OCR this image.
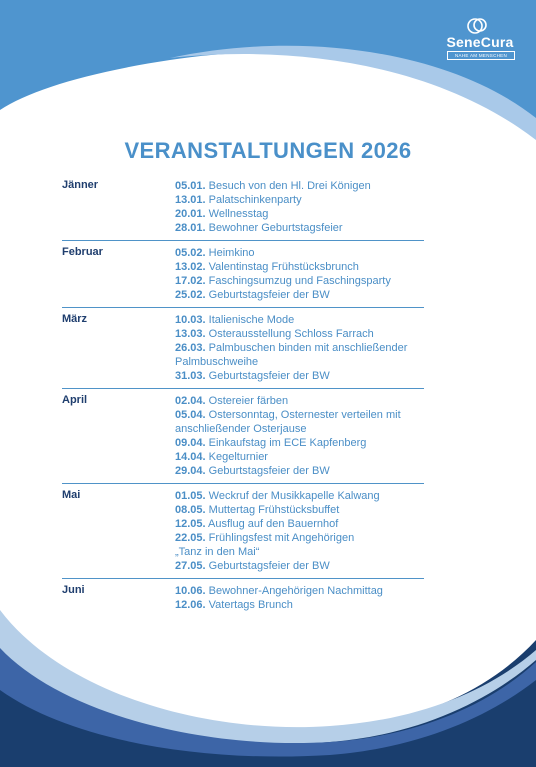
SeneCura
NAHE AM MENSCHEN
VERANSTALTUNGEN 2026
Jänner	05.01. Besuch von den Hl. Drei Königen
13.01. Palatschinkenparty
20.01. Wellnesstag
28.01. Bewohner Geburtstagsfeier
Februar	05.02. Heimkino
13.02. Valentinstag Frühstücksbrunch
17.02. Faschingsumzug und Faschingsparty
25.02. Geburtstagsfeier der BW
März	10.03. Italienische Mode
13.03. Osterausstellung Schloss Farrach
26.03. Palmbuschen binden mit anschließender
Palmbuschweihe
31.03. Geburtstagsfeier der BW
April	02.04. Ostereier färben
05.04. Ostersonntag, Osternester verteilen mit
anschließender Osterjause
09.04. Einkaufstag im ECE Kapfenberg
14.04. Kegelturnier
29.04. Geburtstagsfeier der BW
Mai	01.05. Weckruf der Musikkapelle Kalwang
08.05. Muttertag Frühstücksbuffet
12.05. Ausflug auf den Bauernhof
22.05. Frühlingsfest mit Angehörigen
„Tanz in den Mai“
27.05. Geburtstagsfeier der BW
Juni	10.06. Bewohner-Angehörigen Nachmittag
12.06. Vatertags Brunch
